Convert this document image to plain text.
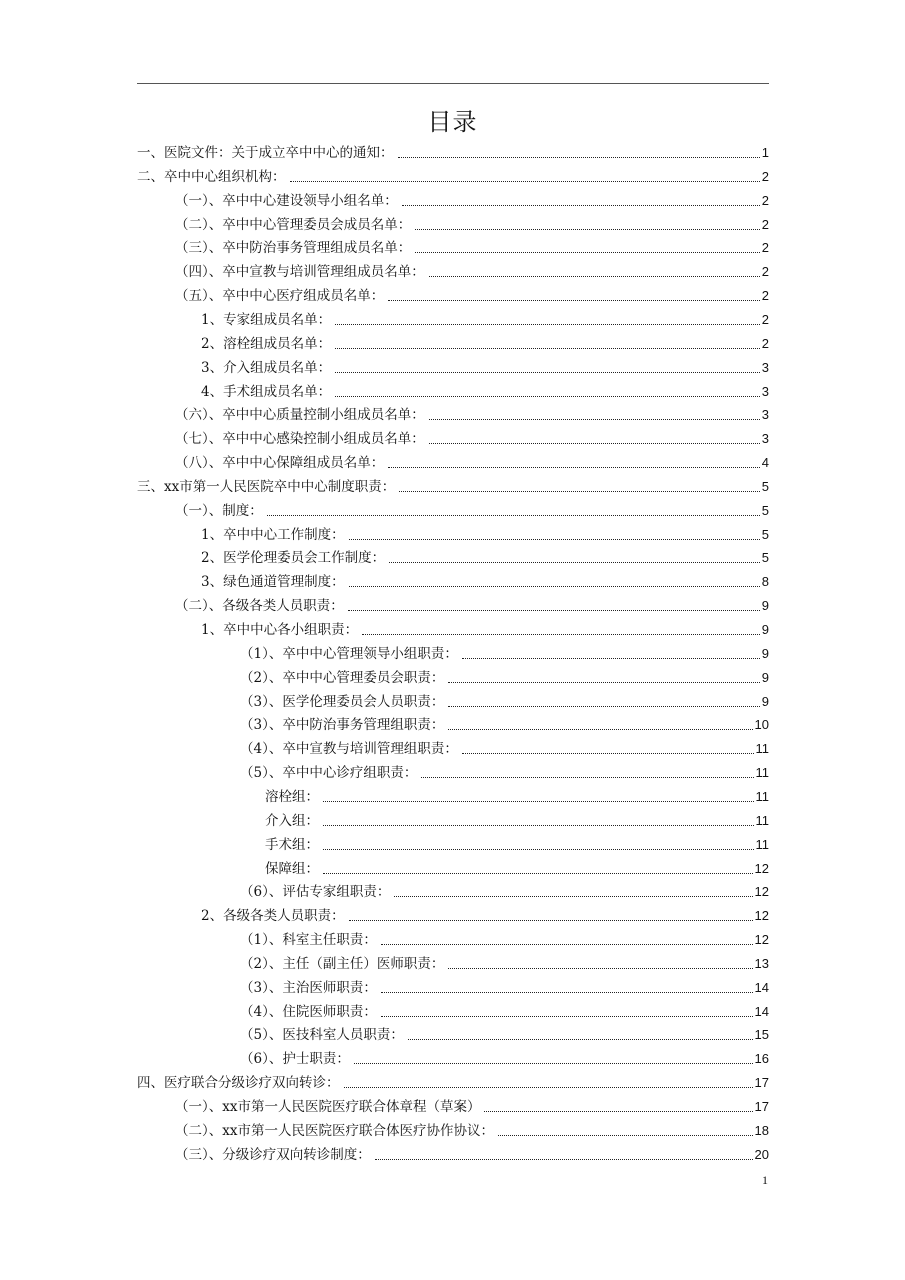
目录
一、医院文件：关于成立卒中中心的通知：	1
二、卒中中心组织机构：	2
（一）、卒中中心建设领导小组名单：	2
（二）、卒中中心管理委员会成员名单：	2
（三）、卒中防治事务管理组成员名单：	2
（四）、卒中宣教与培训管理组成员名单：	2
（五）、卒中中心医疗组成员名单：	2
1、专家组成员名单：	2
2、溶栓组成员名单：	2
3、介入组成员名单：	3
4、手术组成员名单：	3
（六）、卒中中心质量控制小组成员名单：	3
（七）、卒中中心感染控制小组成员名单：	3
（八）、卒中中心保障组成员名单：	4
三、xx市第一人民医院卒中中心制度职责：	5
（一）、制度：	5
1、卒中中心工作制度：	5
2、医学伦理委员会工作制度：	5
3、绿色通道管理制度：	8
（二）、各级各类人员职责：	9
1、卒中中心各小组职责：	9
（1）、卒中中心管理领导小组职责：	9
（2）、卒中中心管理委员会职责：	9
（3）、医学伦理委员会人员职责：	9
（3）、卒中防治事务管理组职责：	10
（4）、卒中宣教与培训管理组职责：	11
（5）、卒中中心诊疗组职责：	11
溶栓组：	11
介入组：	11
手术组：	11
保障组：	12
（6）、评估专家组职责：	12
2、各级各类人员职责：	12
（1）、科室主任职责：	12
（2）、主任（副主任）医师职责：	13
（3）、主治医师职责：	14
（4）、住院医师职责：	14
（5）、医技科室人员职责：	15
（6）、护士职责：	16
四、医疗联合分级诊疗双向转诊：	17
（一）、xx市第一人民医院医疗联合体章程（草案）	17
（二）、xx市第一人民医院医疗联合体医疗协作协议：	18
（三）、分级诊疗双向转诊制度：	20
1
